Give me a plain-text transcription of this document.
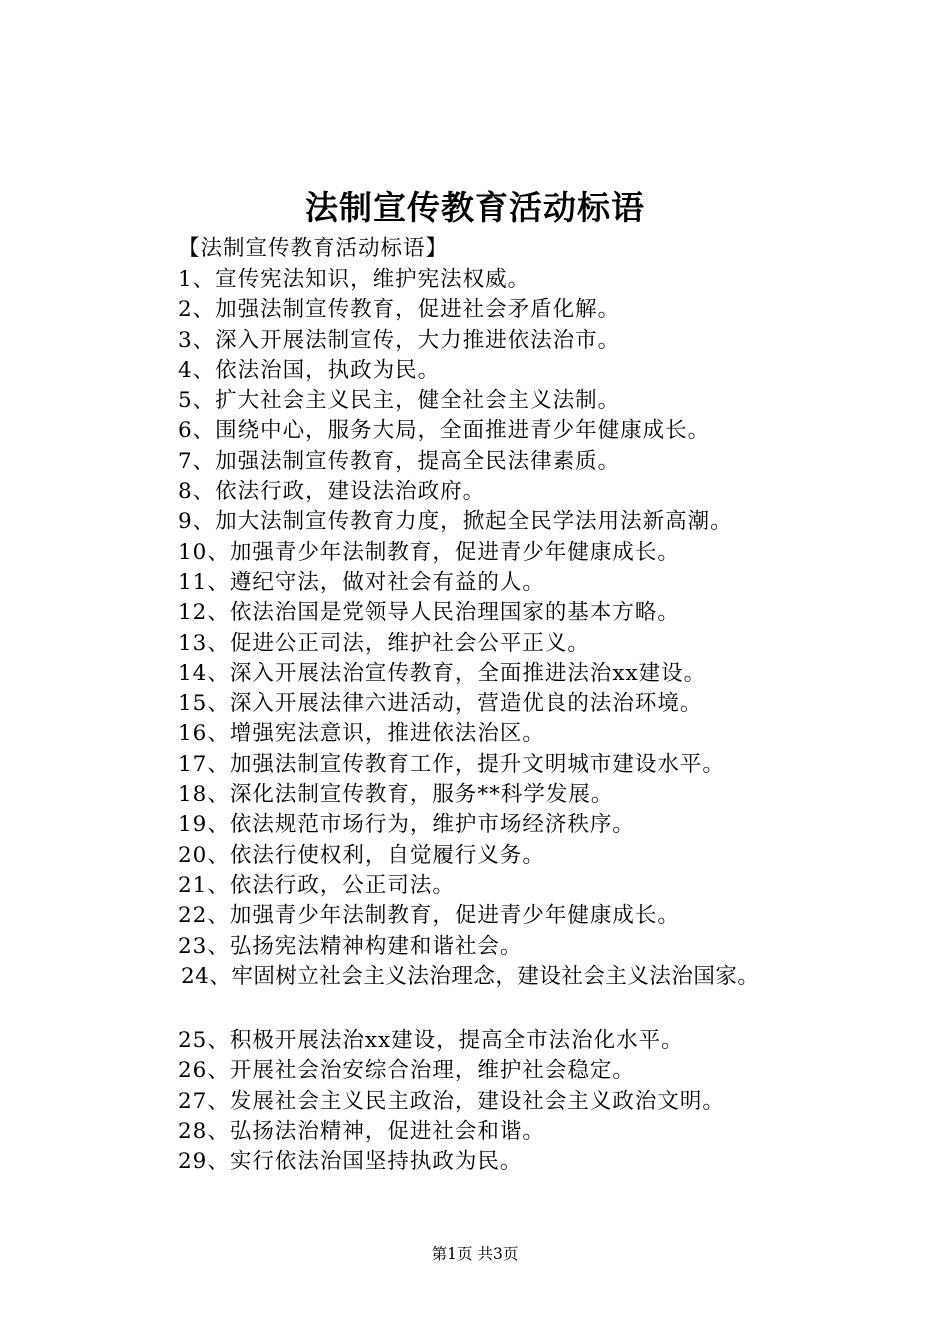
法制宣传教育活动标语
【法制宣传教育活动标语】
1、宣传宪法知识，维护宪法权威。
2、加强法制宣传教育，促进社会矛盾化解。
3、深入开展法制宣传，大力推进依法治市。
4、依法治国，执政为民。
5、扩大社会主义民主，健全社会主义法制。
6、围绕中心，服务大局，全面推进青少年健康成长。
7、加强法制宣传教育，提高全民法律素质。
8、依法行政，建设法治政府。
9、加大法制宣传教育力度，掀起全民学法用法新高潮。
10、加强青少年法制教育，促进青少年健康成长。
11、遵纪守法，做对社会有益的人。
12、依法治国是党领导人民治理国家的基本方略。
13、促进公正司法，维护社会公平正义。
14、深入开展法治宣传教育，全面推进法治xx建设。
15、深入开展法律六进活动，营造优良的法治环境。
16、增强宪法意识，推进依法治区。
17、加强法制宣传教育工作，提升文明城市建设水平。
18、深化法制宣传教育，服务**科学发展。
19、依法规范市场行为，维护市场经济秩序。
20、依法行使权利，自觉履行义务。
21、依法行政，公正司法。
22、加强青少年法制教育，促进青少年健康成长。
23、弘扬宪法精神构建和谐社会。
24、牢固树立社会主义法治理念，建设社会主义法治国家。
25、积极开展法治xx建设，提高全市法治化水平。
26、开展社会治安综合治理，维护社会稳定。
27、发展社会主义民主政治，建设社会主义政治文明。
28、弘扬法治精神，促进社会和谐。
29、实行依法治国坚持执政为民。
第1页 共3页
